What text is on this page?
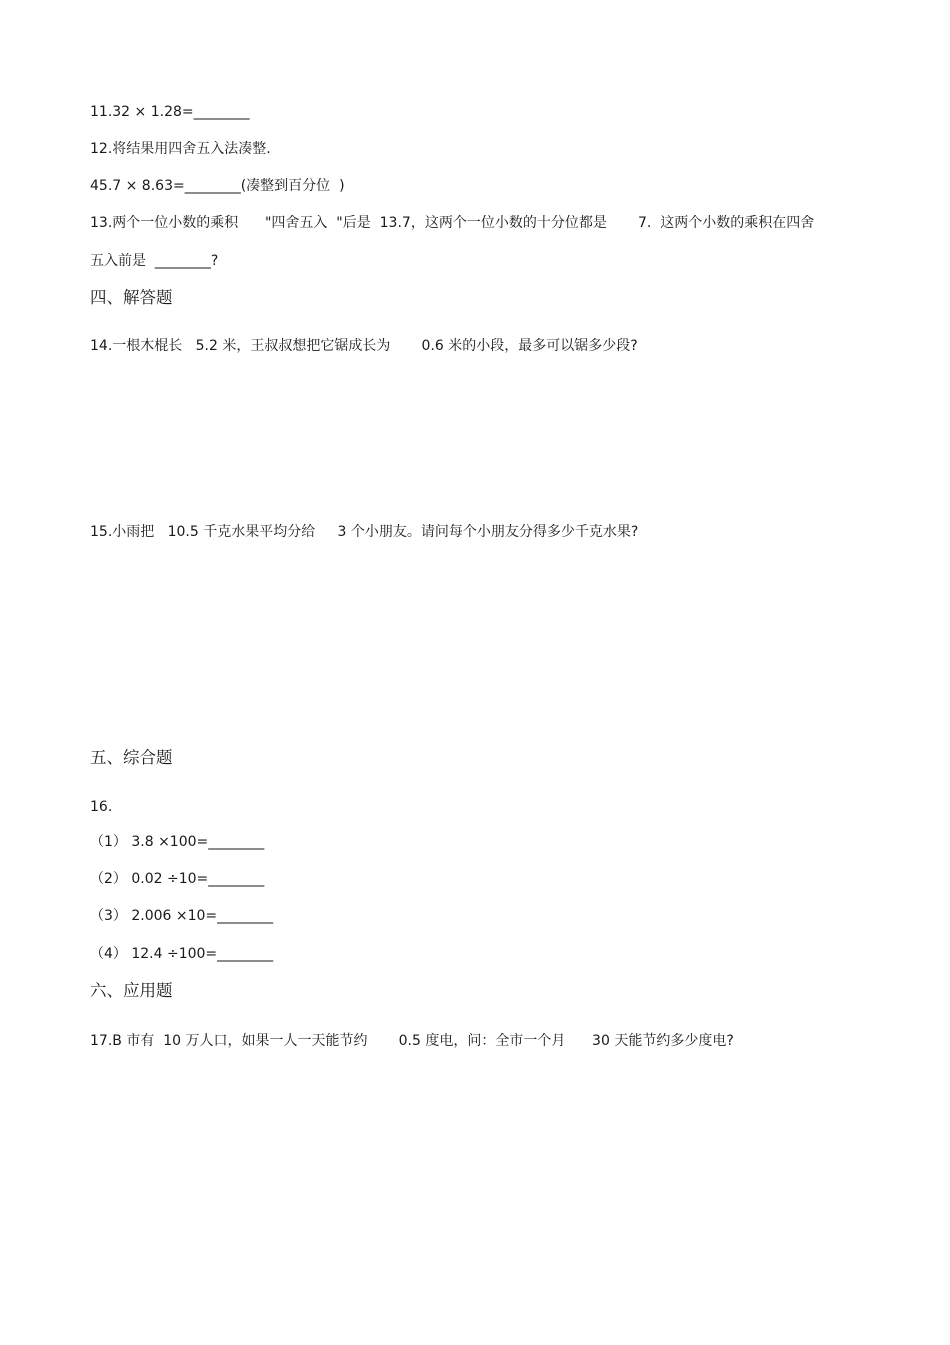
11.32 × 1.28=________
12.将结果用四舍五入法凑整.
45.7 × 8.63=________(凑整到百分位  )
13.两个一位小数的乘积      "四舍五入  "后是  13.7，这两个一位小数的十分位都是       7.  这两个小数的乘积在四舍
五入前是  ________?
四、解答题
14.一根木棍长   5.2 米，王叔叔想把它锯成长为       0.6 米的小段，最多可以锯多少段?
15.小雨把   10.5 千克水果平均分给     3 个小朋友。请问每个小朋友分得多少千克水果?
五、综合题
16.
（1） 3.8 ×100=________
（2） 0.02 ÷10=________
（3） 2.006 ×10=________
（4） 12.4 ÷100=________
六、应用题
17.B 市有  10 万人口，如果一人一天能节约       0.5 度电，问：全市一个月      30 天能节约多少度电?
